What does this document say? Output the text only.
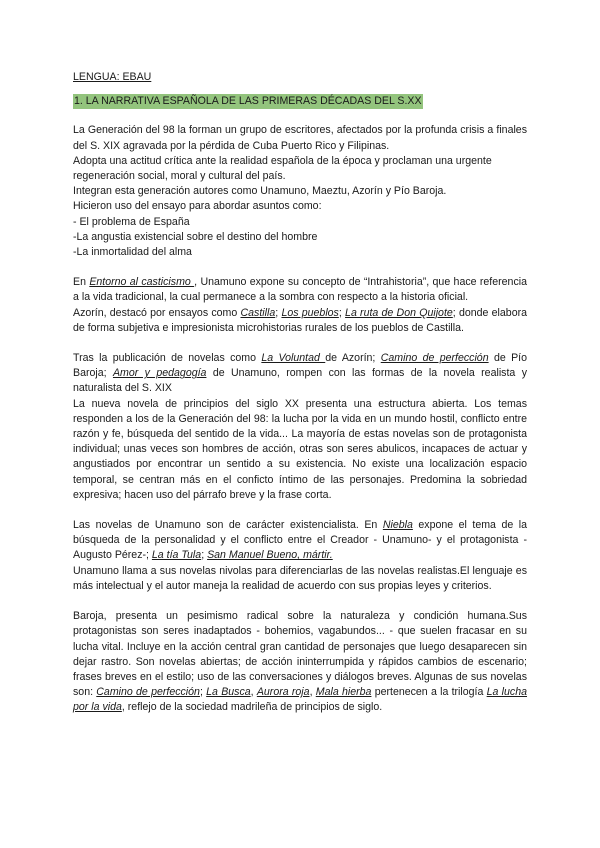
LENGUA: EBAU
1. LA NARRATIVA ESPAÑOLA DE LAS PRIMERAS DÉCADAS DEL S.XX

La Generación del 98 la forman un grupo de escritores, afectados por la profunda crisis a finales del S. XIX agravada por la pérdida de Cuba Puerto Rico y Filipinas.
Adopta una actitud crítica ante la realidad española de la época y proclaman una urgente regeneración social, moral y cultural del país.
Integran esta generación autores como Unamuno, Maeztu, Azorín y Pío Baroja.
Hicieron uso del ensayo para abordar asuntos como:
- El problema de España
-La angustia existencial sobre el destino del hombre
-La inmortalidad del alma

En Entorno al casticismo , Unamuno expone su concepto de “Intrahistoria”, que hace referencia a la vida tradicional, la cual permanece a la sombra con respecto a la historia oficial.
Azorín, destacó por ensayos como Castilla; Los pueblos; La ruta de Don Quijote; donde elabora de forma subjetiva e impresionista microhistorias rurales de los pueblos de Castilla.

Tras la publicación de novelas como La Voluntad de Azorín; Camino de perfección de Pío Baroja; Amor y pedagogía de Unamuno, rompen con las formas de la novela realista y naturalista del S. XIX
La nueva novela de principios del siglo XX presenta una estructura abierta. Los temas responden a los de la Generación del 98: la lucha por la vida en un mundo hostil, conflicto entre razón y fe, búsqueda del sentido de la vida... La mayoría de estas novelas son de protagonista individual; unas veces son hombres de acción, otras son seres abulicos, incapaces de actuar y angustiados por encontrar un sentido a su existencia. No existe una localización espacio temporal, se centran más en el conficto íntimo de las personajes. Predomina la sobriedad expresiva; hacen uso del párrafo breve y la frase corta.

Las novelas de Unamuno son de carácter existencialista. En Niebla expone el tema de la búsqueda de la personalidad y el conflicto entre el Creador - Unamuno- y el protagonista - Augusto Pérez-; La tía Tula; San Manuel Bueno, mártir.
Unamuno llama a sus novelas nivolas para diferenciarlas de las novelas realistas.El lenguaje es más intelectual y el autor maneja la realidad de acuerdo con sus propias leyes y criterios.

Baroja, presenta un pesimismo radical sobre la naturaleza y condición humana.Sus protagonistas son seres inadaptados - bohemios, vagabundos... - que suelen fracasar en su lucha vital. Incluye en la acción central gran cantidad de personajes que luego desaparecen sin dejar rastro. Son novelas abiertas; de acción ininterrumpida y rápidos cambios de escenario; frases breves en el estilo; uso de las conversaciones y diálogos breves. Algunas de sus novelas son: Camino de perfección; La Busca, Aurora roja, Mala hierba pertenecen a la trilogía La lucha por la vida, reflejo de la sociedad madrileña de principios de siglo.
